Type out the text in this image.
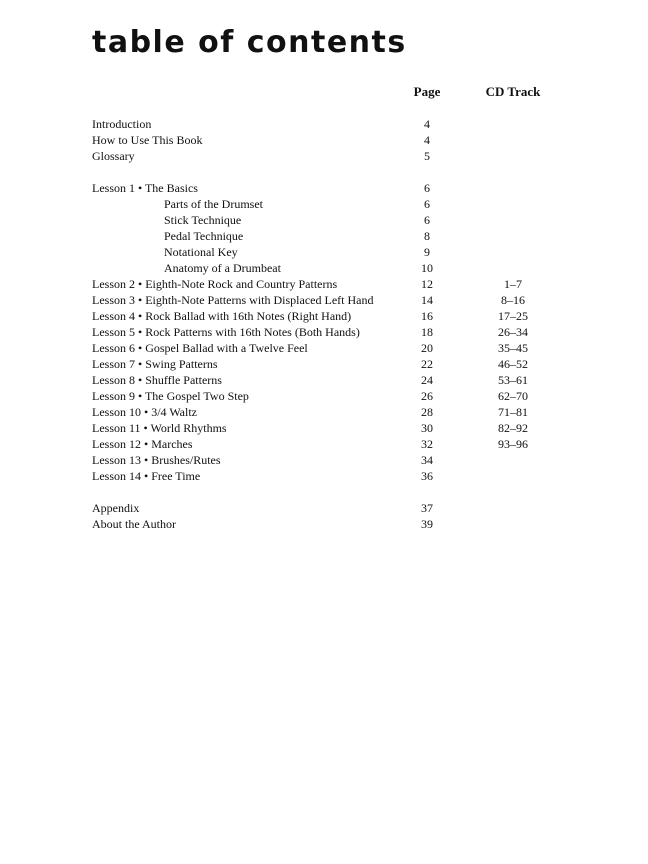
table of contents
Page	CD Track
Introduction	4
How to Use This Book	4
Glossary	5
Lesson 1 • The Basics	6
Parts of the Drumset	6
Stick Technique	6
Pedal Technique	8
Notational Key	9
Anatomy of a Drumbeat	10
Lesson 2 • Eighth-Note Rock and Country Patterns	12	1–7
Lesson 3 • Eighth-Note Patterns with Displaced Left Hand	14	8–16
Lesson 4 • Rock Ballad with 16th Notes (Right Hand)	16	17–25
Lesson 5 • Rock Patterns with 16th Notes (Both Hands)	18	26–34
Lesson 6 • Gospel Ballad with a Twelve Feel	20	35–45
Lesson 7 • Swing Patterns	22	46–52
Lesson 8 • Shuffle Patterns	24	53–61
Lesson 9 • The Gospel Two Step	26	62–70
Lesson 10 • 3/4 Waltz	28	71–81
Lesson 11 • World Rhythms	30	82–92
Lesson 12 • Marches	32	93–96
Lesson 13 • Brushes/Rutes	34
Lesson 14 • Free Time	36
Appendix	37
About the Author	39
